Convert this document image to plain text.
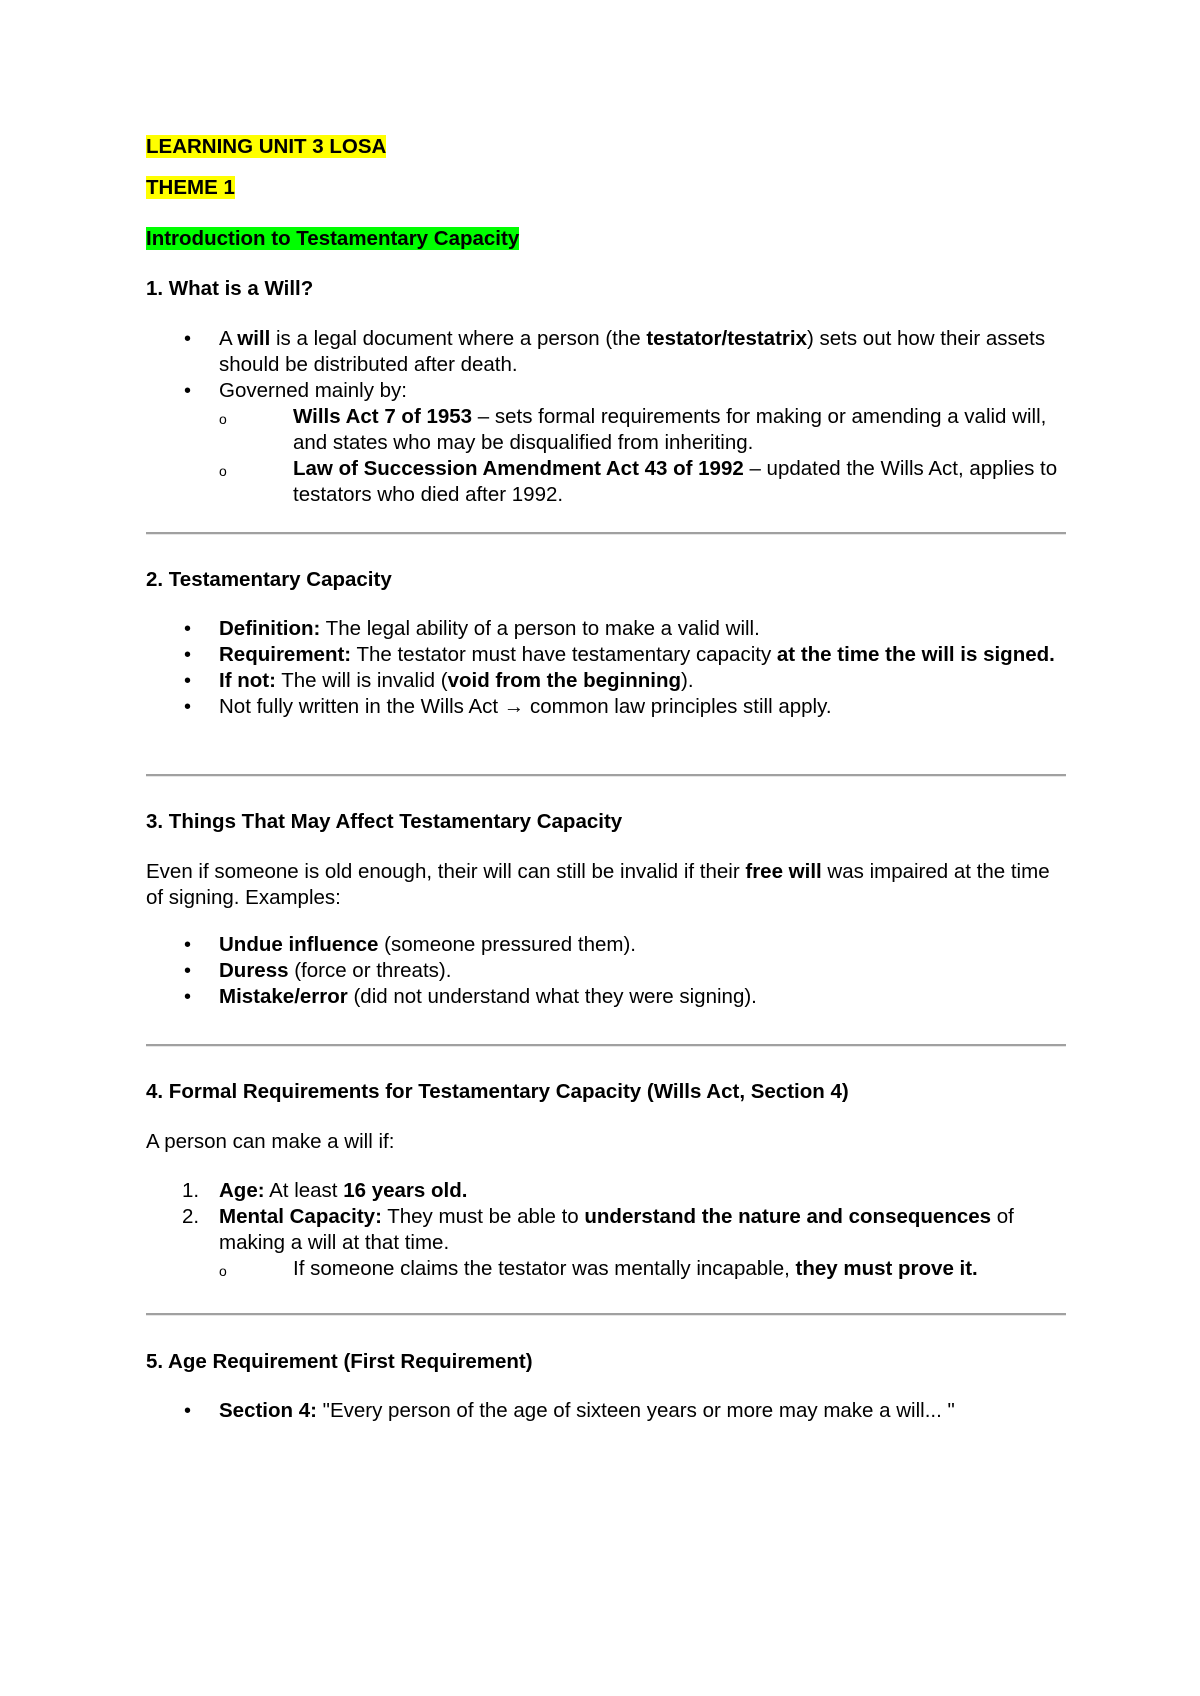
LEARNING UNIT 3 LOSA

THEME 1

Introduction to Testamentary Capacity

1. What is a Will?
• A will is a legal document where a person (the testator/testatrix) sets out how their assets should be distributed after death.
• Governed mainly by:
o	Wills Act 7 of 1953 – sets formal requirements for making or amending a valid will, and states who may be disqualified from inheriting.
o	Law of Succession Amendment Act 43 of 1992 – updated the Wills Act, applies to testators who died after 1992.
2. Testamentary Capacity
• Definition: The legal ability of a person to make a valid will.
• Requirement: The testator must have testamentary capacity at the time the will is signed.
• If not: The will is invalid (void from the beginning).
• Not fully written in the Wills Act → common law principles still apply.
3. Things That May Affect Testamentary Capacity

Even if someone is old enough, their will can still be invalid if their free will was impaired at the time of signing. Examples:

• Undue influence (someone pressured them).
• Duress (force or threats).
• Mistake/error (did not understand what they were signing).
4. Formal Requirements for Testamentary Capacity (Wills Act, Section 4)

A person can make a will if:

1. Age: At least 16 years old.
2. Mental Capacity: They must be able to understand the nature and consequences of making a will at that time.
o	If someone claims the testator was mentally incapable, they must prove it.
5. Age Requirement (First Requirement)
• Section 4: "Every person of the age of sixteen years or more may make a will... "
